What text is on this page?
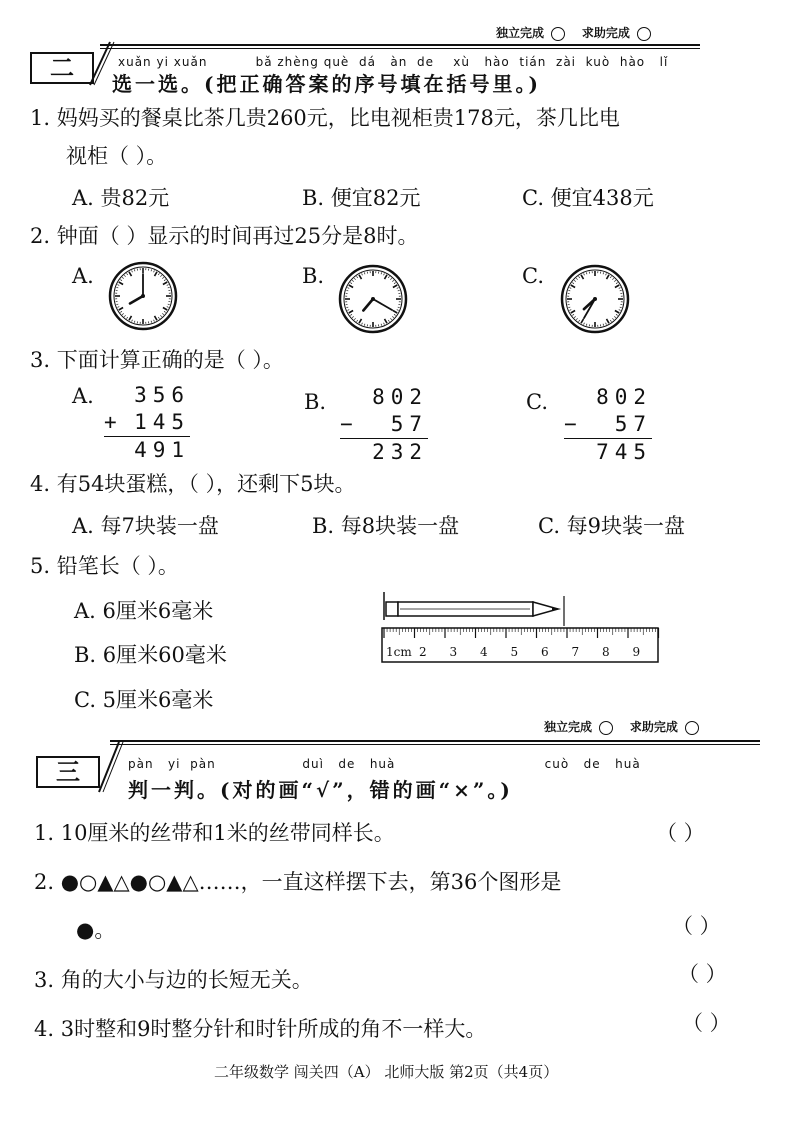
独立完成	求助完成
二	xuǎn yi xuǎn	bǎ zhèng què dá àn de xù hào tián zài kuò hào lǐ
选一选。(把正确答案的序号填在括号里。)
1. 妈妈买的餐桌比茶几贵260元，比电视柜贵178元，茶几比电
视柜（ ）。
A. 贵82元	B. 便宜82元	C. 便宜438元
2. 钟面（ ）显示的时间再过25分是8时。
A.	B.	C.
3. 下面计算正确的是（ ）。
A.	B.	C.
356
+ 145
491
802
− 57
232
802
− 57
745
4. 有54块蛋糕，（ ），还剩下5块。
A. 每7块装一盘	B. 每8块装一盘	C. 每9块装一盘
5. 铅笔长（ ）。
A. 6厘米6毫米
B. 6厘米60毫米
C. 5厘米6毫米
1cm 2 3 4 5 6 7 8 9
独立完成	求助完成
三	pàn yi pàn	duì de huà	cuò de huà
判一判。(对的画“√”，错的画“×”。)
1. 10厘米的丝带和1米的丝带同样长。	（ ）
2. ●○▲△●○▲△……，一直这样摆下去，第36个图形是
●。	（ ）
3. 角的大小与边的长短无关。	（ ）
4. 3时整和9时整分针和时针所成的角不一样大。	（ ）
二年级数学 闯关四（A） 北师大版 第2页（共4页）
